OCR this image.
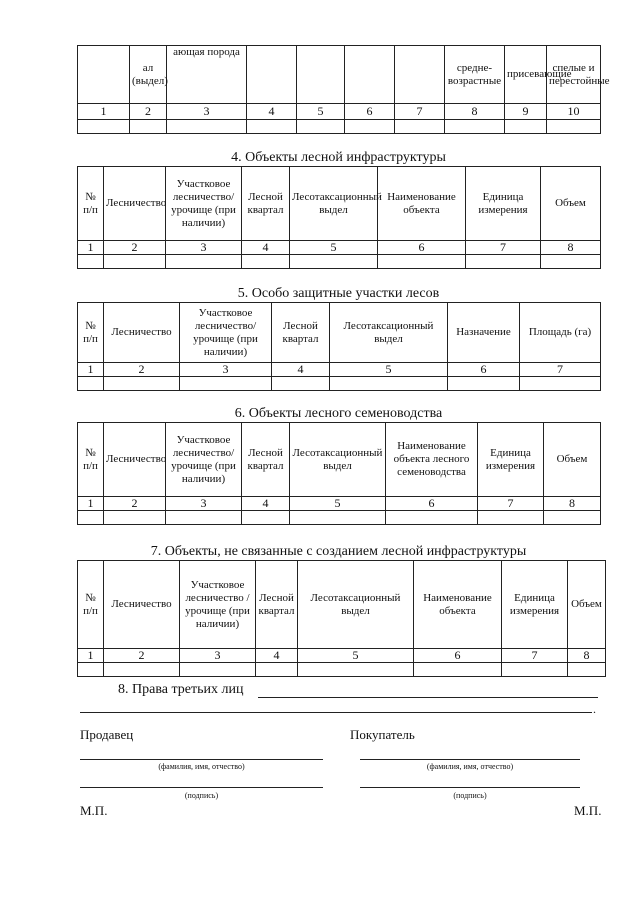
	ал (выдел)	ающая порода					средне-возрастные	присевающие	спелые и перестойные
1	2	3	4	5	6	7	8	9	10

4. Объекты лесной инфраструктуры
№ п/п	Лесничество	Участковое лесничество/ урочище (при наличии)	Лесной квартал	Лесотаксационный выдел	Наименование объекта	Единица измерения	Объем
1	2	3	4	5	6	7	8

5. Особо защитные участки лесов
№ п/п	Лесничество	Участковое лесничество/ урочище (при наличии)	Лесной квартал	Лесотаксационный выдел	Назначение	Площадь (га)
1	2	3	4	5	6	7

6. Объекты лесного семеноводства
№ п/п	Лесничество	Участковое лесничество/ урочище (при наличии)	Лесной квартал	Лесотаксационный выдел	Наименование объекта лесного семеноводства	Единица измерения	Объем
1	2	3	4	5	6	7	8

7. Объекты, не связанные с созданием лесной инфраструктуры
№ п/п	Лесничество	Участковое лесничество / урочище (при наличии)	Лесной квартал	Лесотаксационный выдел	Наименование объекта	Единица измерения	Объем
1	2	3	4	5	6	7	8

8. Права третьих лиц
.
Продавец	Покупатель
(фамилия, имя, отчество)	(фамилия, имя, отчество)
(подпись)	(подпись)
М.П.	М.П.
